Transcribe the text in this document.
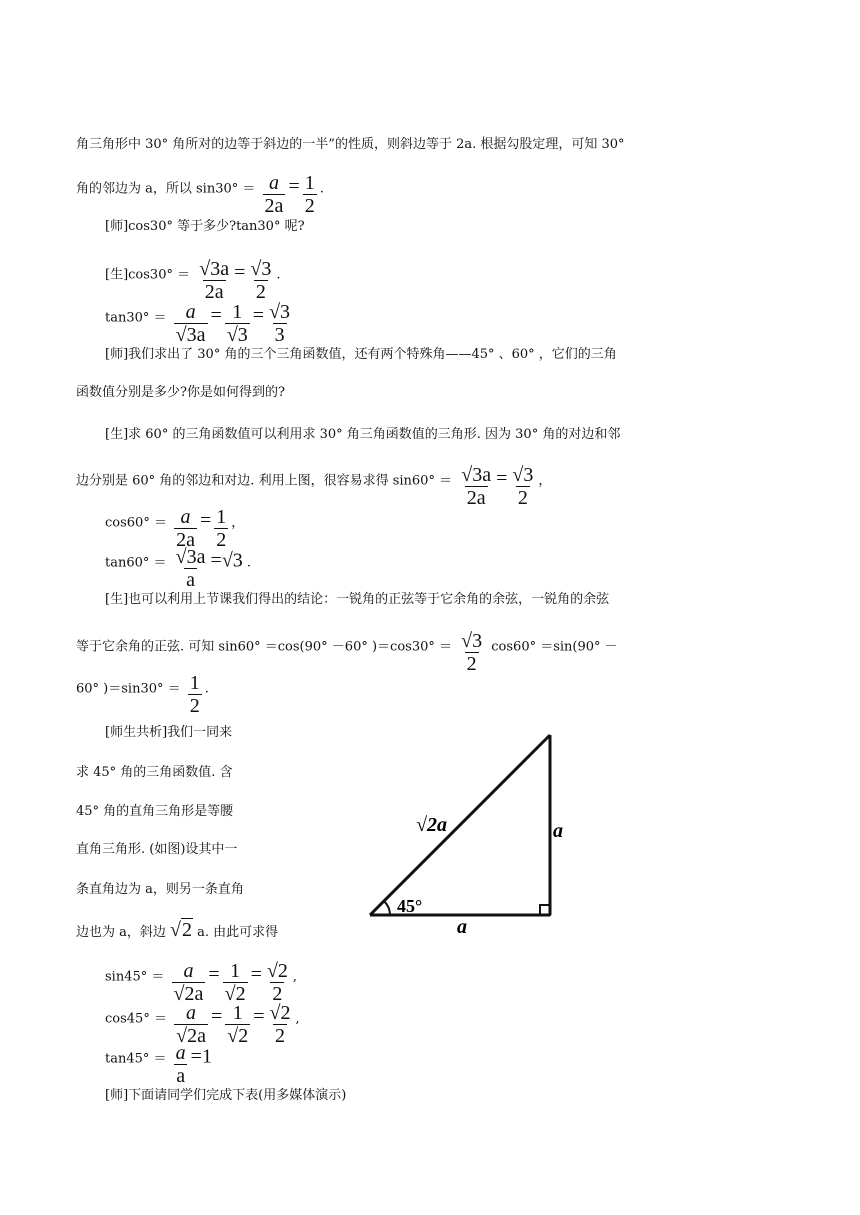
角三角形中 30° 角所对的边等于斜边的一半”的性质，则斜边等于 2a. 根据勾股定理，可知 30°
角的邻边为 a，所以 $\sin 30^\circ = \frac{a}{2a} = \frac{1}{2}$ .
[师]cos30° 等于多少?tan30° 呢?
[生]$\cos 30^\circ = \frac{√3a}{2a} = \frac{√3}{2}$ .
$\tan 30^\circ = \frac{a}{√3a} = \frac{1}{√3} = \frac{√3}{3}$
[师]我们求出了 30° 角的三个三角函数值，还有两个特殊角——45° 、60° ，它们的三角
函数值分别是多少?你是如何得到的?
[生]求 60° 的三角函数值可以利用求 30° 角三角函数值的三角形. 因为 30° 角的对边和邻
边分别是 60° 角的邻边和对边. 利用上图，很容易求得 $\sin 60^\circ = \frac{√3a}{2a} = \frac{√3}{2}$ ，
$\cos 60^\circ = \frac{a}{2a} = \frac{1}{2}$ ，
$\tan 60^\circ = \frac{√3a}{a} =√3$ .
[生]也可以利用上节课我们得出的结论：一锐角的正弦等于它余角的余弦，一锐角的余弦
等于它余角的正弦. 可知 sin60° ＝cos(90° －60° )$=\cos 30^\circ = \frac{√3}{2} \cos 60^\circ =\sin(90^\circ$ －
60° )$=\sin 30^\circ = \frac{1}{2}$ .
[师生共析]我们一同来
求 45° 角的三角函数值. 含
45° 角的直角三角形是等腰
直角三角形. (如图)设其中一
条直角边为 a，则另一条直角
边也为 a，斜边 √2 a. 由此可求得
$\sin 45^\circ = \frac{a}{√2a} = \frac{1}{√2} = \frac{√2}{2}$ ,
$\cos 45^\circ = \frac{a}{√2a} = \frac{1}{√2} = \frac{√2}{2}$ ,
$\tan 45^\circ = \frac{a}{a} =1$
[师]下面请同学们完成下表(用多媒体演示)
√2a	a
a
45°
